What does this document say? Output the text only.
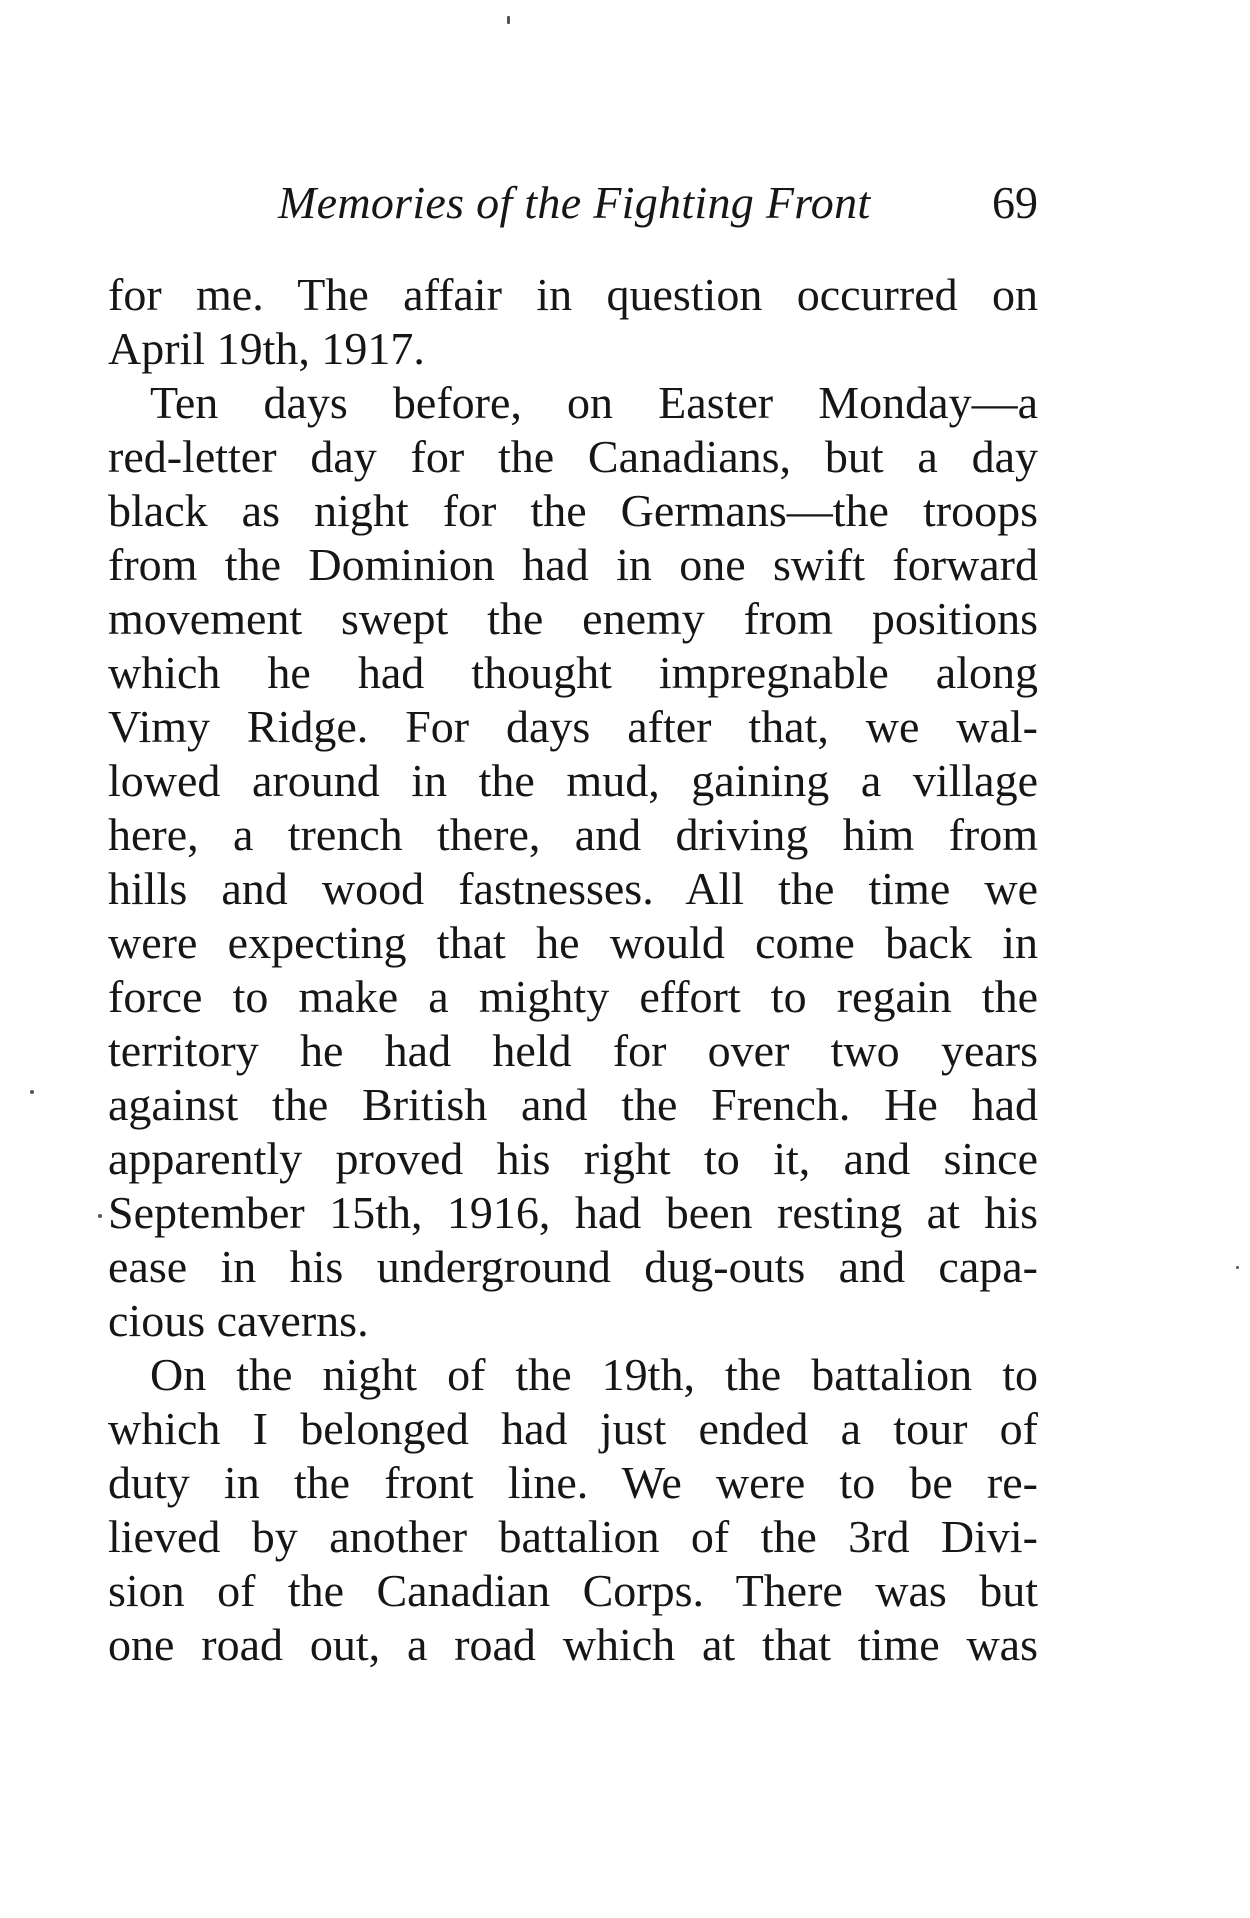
Memories of the Fighting Front	69
for me. The affair in question occurred on
April 19th, 1917.
Ten days before, on Easter Monday—a
red-letter day for the Canadians, but a day
black as night for the Germans—the troops
from the Dominion had in one swift forward
movement swept the enemy from positions
which he had thought impregnable along
Vimy Ridge. For days after that, we wal-
lowed around in the mud, gaining a village
here, a trench there, and driving him from
hills and wood fastnesses. All the time we
were expecting that he would come back in
force to make a mighty effort to regain the
territory he had held for over two years
against the British and the French. He had
apparently proved his right to it, and since
September 15th, 1916, had been resting at his
ease in his underground dug-outs and capa-
cious caverns.
On the night of the 19th, the battalion to
which I belonged had just ended a tour of
duty in the front line. We were to be re-
lieved by another battalion of the 3rd Divi-
sion of the Canadian Corps. There was but
one road out, a road which at that time was
